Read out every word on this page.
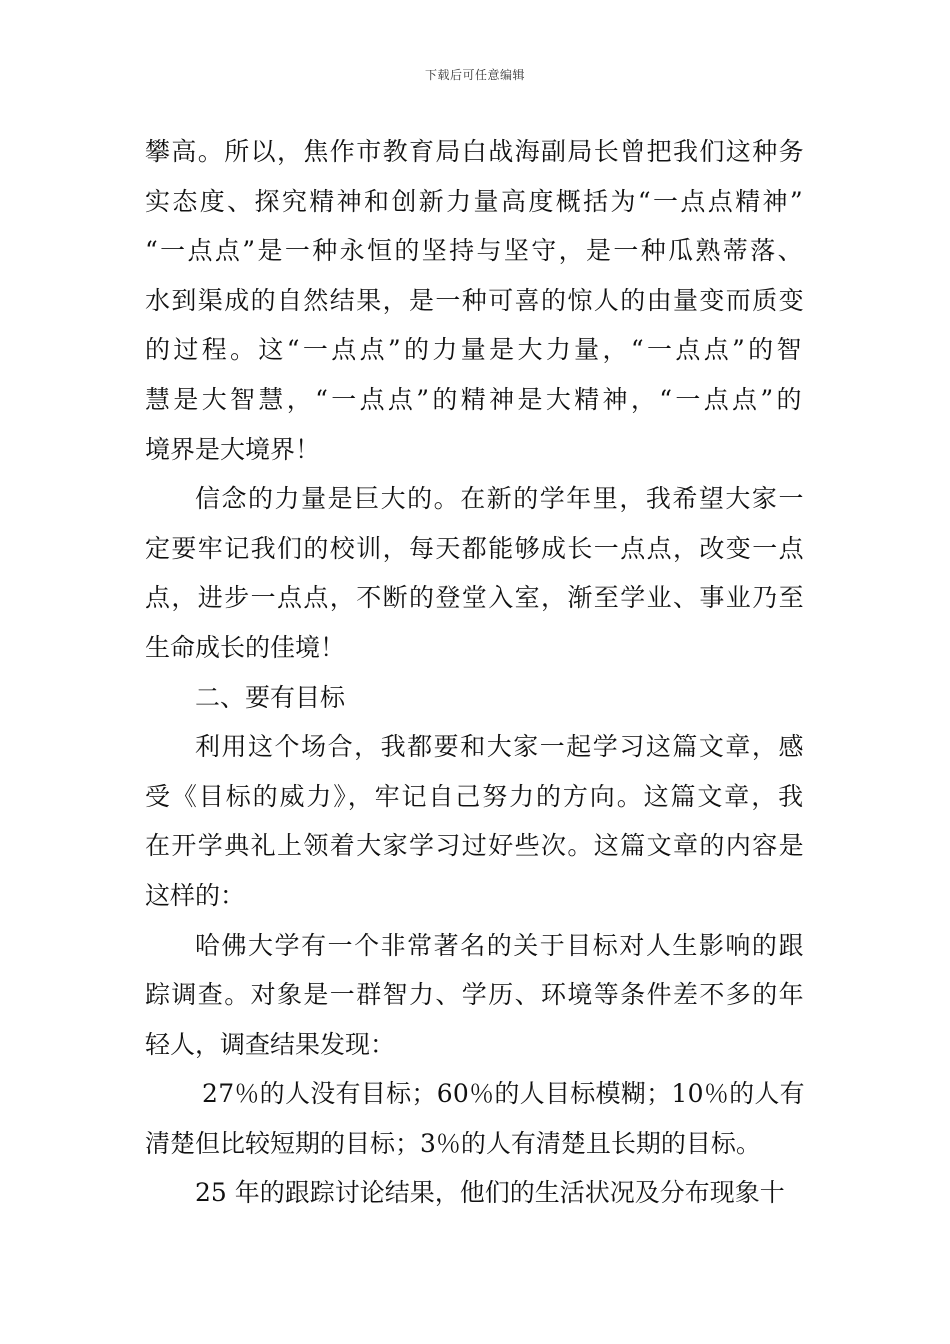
下载后可任意编辑

攀高。所以，焦作市教育局白战海副局长曾把我们这种务
实态度、探究精神和创新力量高度概括为“一点点精神”
“一点点”是一种永恒的坚持与坚守，是一种瓜熟蒂落、
水到渠成的自然结果，是一种可喜的惊人的由量变而质变
的过程。这“一点点”的力量是大力量，“一点点”的智
慧是大智慧，“一点点”的精神是大精神，“一点点”的
境界是大境界！

信念的力量是巨大的。在新的学年里，我希望大家一
定要牢记我们的校训，每天都能够成长一点点，改变一点
点，进步一点点，不断的登堂入室，渐至学业、事业乃至
生命成长的佳境！

二、要有目标

利用这个场合，我都要和大家一起学习这篇文章，感
受《目标的威力》，牢记自己努力的方向。这篇文章，我
在开学典礼上领着大家学习过好些次。这篇文章的内容是
这样的：

哈佛大学有一个非常著名的关于目标对人生影响的跟
踪调查。对象是一群智力、学历、环境等条件差不多的年
轻人，调查结果发现：

27％的人没有目标；60％的人目标模糊；10％的人有
清楚但比较短期的目标；3％的人有清楚且长期的目标。

25 年的跟踪讨论结果，他们的生活状况及分布现象十
